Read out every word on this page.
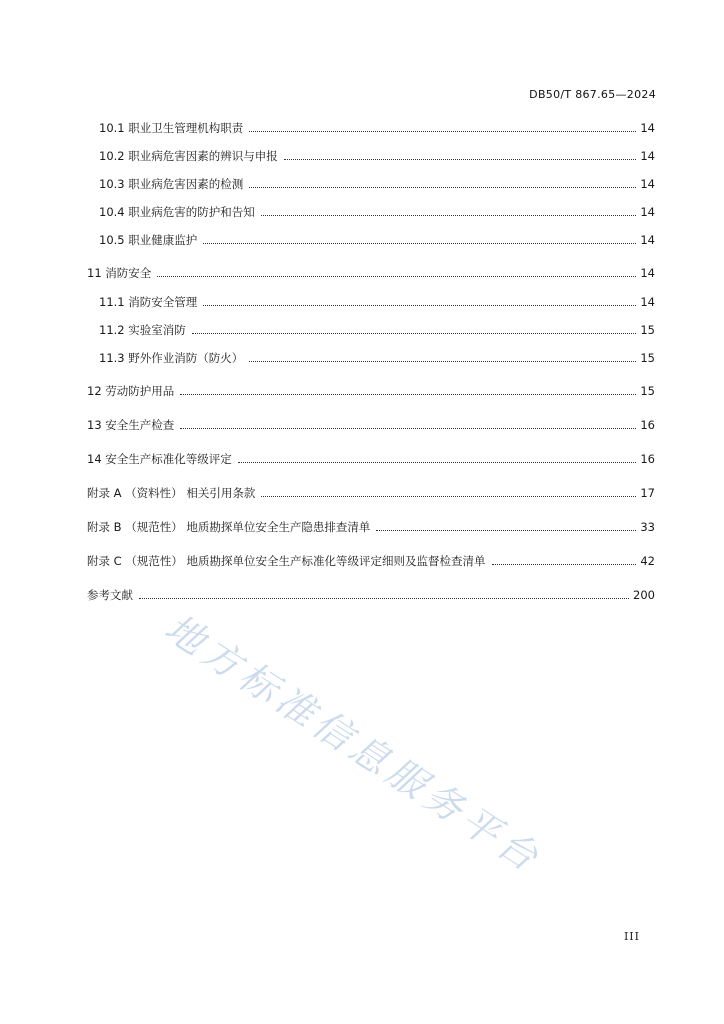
DB50/T 867.65—2024
10.1 职业卫生管理机构职责	14
10.2 职业病危害因素的辨识与申报	14
10.3 职业病危害因素的检测	14
10.4 职业病危害的防护和告知	14
10.5 职业健康监护	14
11 消防安全	14
11.1 消防安全管理	14
11.2 实验室消防	15
11.3 野外作业消防（防火）	15
12 劳动防护用品	15
13 安全生产检查	16
14 安全生产标准化等级评定	16
附录 A （资料性） 相关引用条款	17
附录 B （规范性） 地质勘探单位安全生产隐患排查清单	33
附录 C （规范性） 地质勘探单位安全生产标准化等级评定细则及监督检查清单	42
参考文献	200
地方标准信息服务平台
III
